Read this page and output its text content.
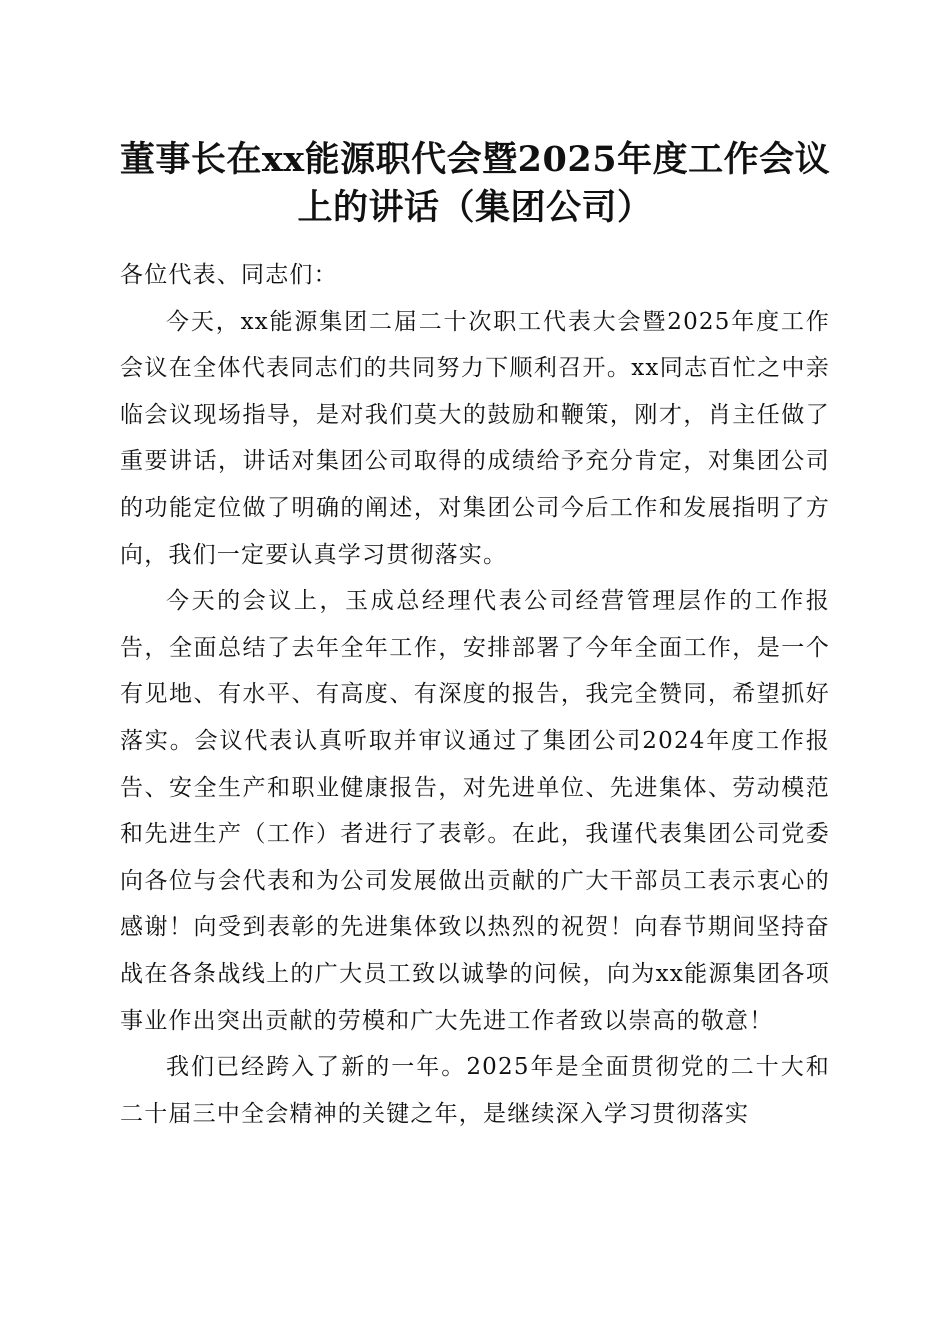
董事长在xx能源职代会暨2025年度工作会议
上的讲话（集团公司）

各位代表、同志们：

今天，xx能源集团二届二十次职工代表大会暨2025年度工作会议在全体代表同志们的共同努力下顺利召开。xx同志百忙之中亲临会议现场指导，是对我们莫大的鼓励和鞭策，刚才，肖主任做了重要讲话，讲话对集团公司取得的成绩给予充分肯定，对集团公司的功能定位做了明确的阐述，对集团公司今后工作和发展指明了方向，我们一定要认真学习贯彻落实。

今天的会议上，玉成总经理代表公司经营管理层作的工作报告，全面总结了去年全年工作，安排部署了今年全面工作，是一个有见地、有水平、有高度、有深度的报告，我完全赞同，希望抓好落实。会议代表认真听取并审议通过了集团公司2024年度工作报告、安全生产和职业健康报告，对先进单位、先进集体、劳动模范和先进生产（工作）者进行了表彰。在此，我谨代表集团公司党委向各位与会代表和为公司发展做出贡献的广大干部员工表示衷心的感谢！向受到表彰的先进集体致以热烈的祝贺！向春节期间坚持奋战在各条战线上的广大员工致以诚挚的问候，向为xx能源集团各项事业作出突出贡献的劳模和广大先进工作者致以崇高的敬意！

我们已经跨入了新的一年。2025年是全面贯彻党的二十大和二十届三中全会精神的关键之年，是继续深入学习贯彻落实
